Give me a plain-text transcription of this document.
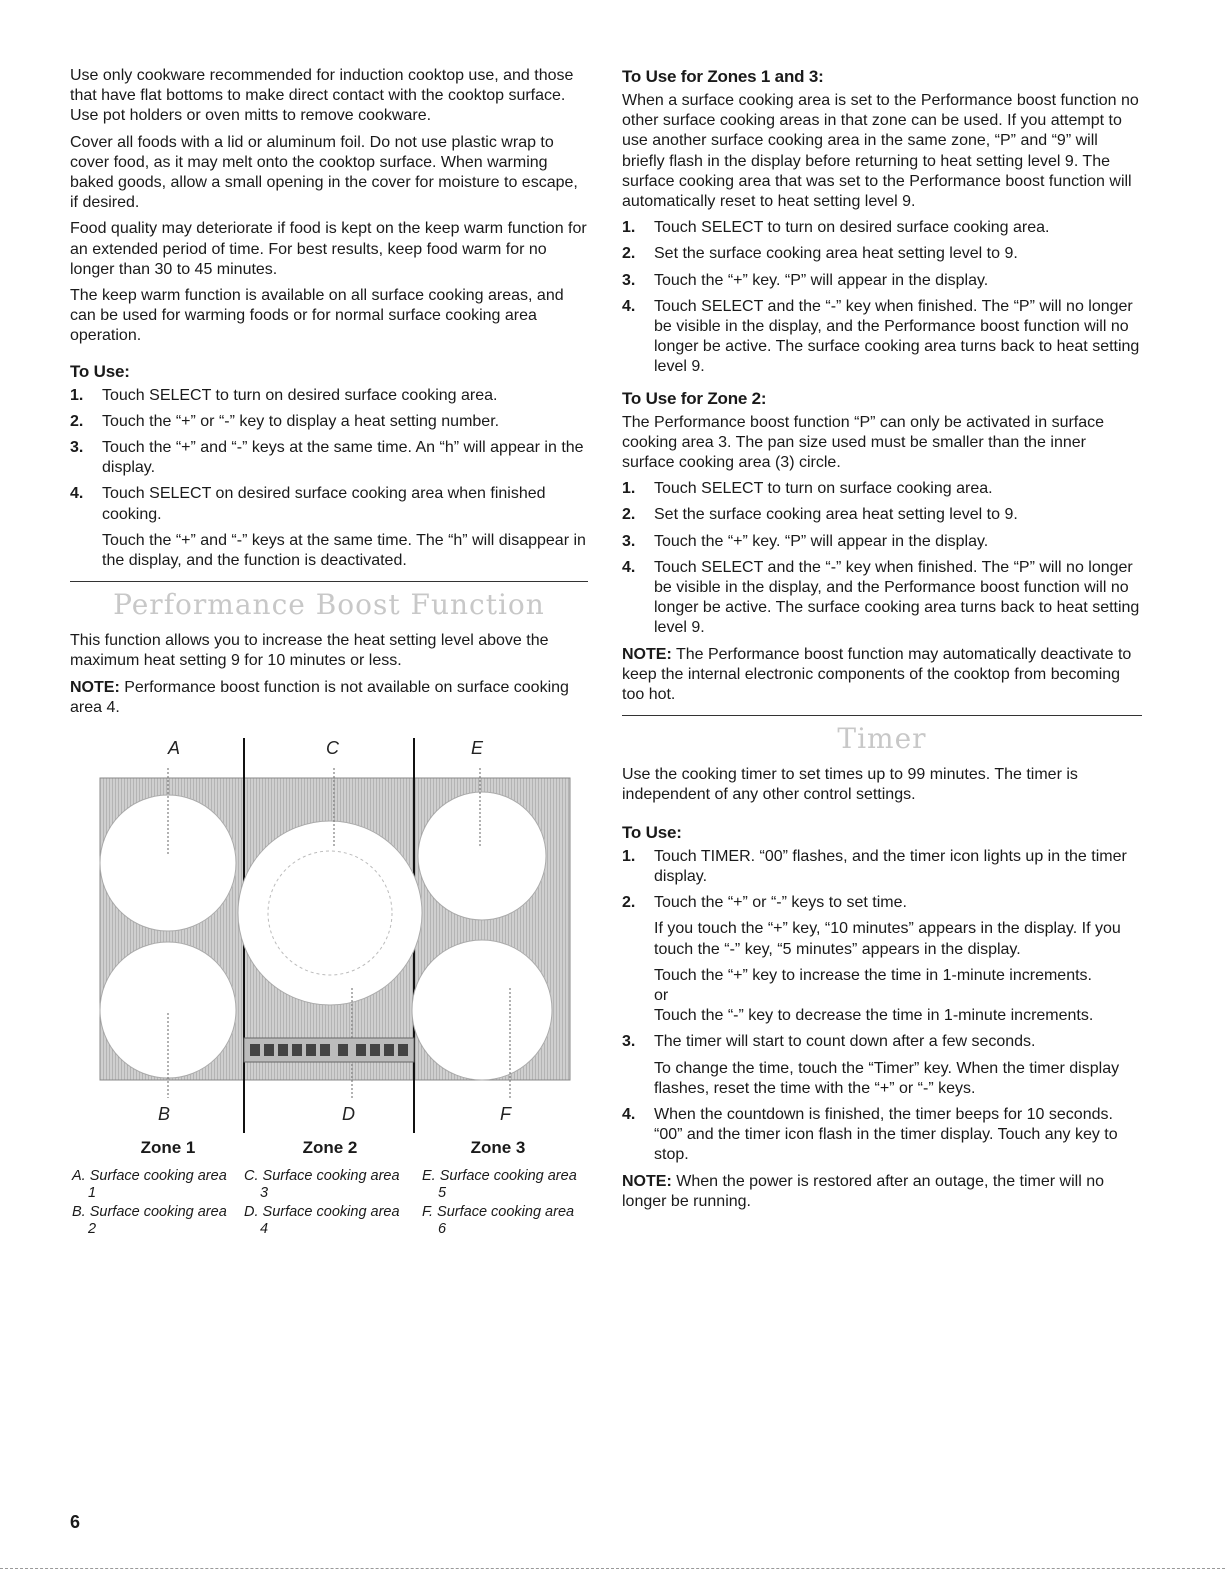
Use only cookware recommended for induction cooktop use, and those that have flat bottoms to make direct contact with the cooktop surface. Use pot holders or oven mitts to remove cookware.

Cover all foods with a lid or aluminum foil. Do not use plastic wrap to cover food, as it may melt onto the cooktop surface. When warming baked goods, allow a small opening in the cover for moisture to escape, if desired.

Food quality may deteriorate if food is kept on the keep warm function for an extended period of time. For best results, keep food warm for no longer than 30 to 45 minutes.

The keep warm function is available on all surface cooking areas, and can be used for warming foods or for normal surface cooking area operation.

To Use:
1. Touch SELECT to turn on desired surface cooking area.
2. Touch the “+” or “-” key to display a heat setting number.
3. Touch the “+” and “-” keys at the same time. An “h” will appear in the display.
4. Touch SELECT on desired surface cooking area when finished cooking.
Touch the “+” and “-” keys at the same time. The “h” will disappear in the display, and the function is deactivated.
Performance Boost Function

This function allows you to increase the heat setting level above the maximum heat setting 9 for 10 minutes or less.

NOTE: Performance boost function is not available on surface cooking area 4.

A	C	E
B	D	F
Zone 1	Zone 2	Zone 3
A. Surface cooking area 1
B. Surface cooking area 2
C. Surface cooking area 3
D. Surface cooking area 4
E. Surface cooking area 5
F. Surface cooking area 6
To Use for Zones 1 and 3:

When a surface cooking area is set to the Performance boost function no other surface cooking areas in that zone can be used. If you attempt to use another surface cooking area in the same zone, “P” and “9” will briefly flash in the display before returning to heat setting level 9. The surface cooking area that was set to the Performance boost function will automatically reset to heat setting level 9.

1. Touch SELECT to turn on desired surface cooking area.
2. Set the surface cooking area heat setting level to 9.
3. Touch the “+” key. “P” will appear in the display.
4. Touch SELECT and the “-” key when finished. The “P” will no longer be visible in the display, and the Performance boost function will no longer be active. The surface cooking area turns back to heat setting level 9.
To Use for Zone 2:

The Performance boost function “P” can only be activated in surface cooking area 3. The pan size used must be smaller than the inner surface cooking area (3) circle.

1. Touch SELECT to turn on surface cooking area.
2. Set the surface cooking area heat setting level to 9.
3. Touch the “+” key. “P” will appear in the display.
4. Touch SELECT and the “-” key when finished. The “P” will no longer be visible in the display, and the Performance boost function will no longer be active. The surface cooking area turns back to heat setting level 9.

NOTE: The Performance boost function may automatically deactivate to keep the internal electronic components of the cooktop from becoming too hot.

Timer

Use the cooking timer to set times up to 99 minutes. The timer is independent of any other control settings.

To Use:
1. Touch TIMER. “00” flashes, and the timer icon lights up in the timer display.
2. Touch the “+” or “-” keys to set time.
If you touch the “+” key, “10 minutes” appears in the display. If you touch the “-” key, “5 minutes” appears in the display.
Touch the “+” key to increase the time in 1-minute increments.
or
Touch the “-” key to decrease the time in 1-minute increments.
3. The timer will start to count down after a few seconds.
To change the time, touch the “Timer” key. When the timer display flashes, reset the time with the “+” or “-” keys.
4. When the countdown is finished, the timer beeps for 10 seconds. “00” and the timer icon flash in the timer display. Touch any key to stop.

NOTE: When the power is restored after an outage, the timer will no longer be running.

6
